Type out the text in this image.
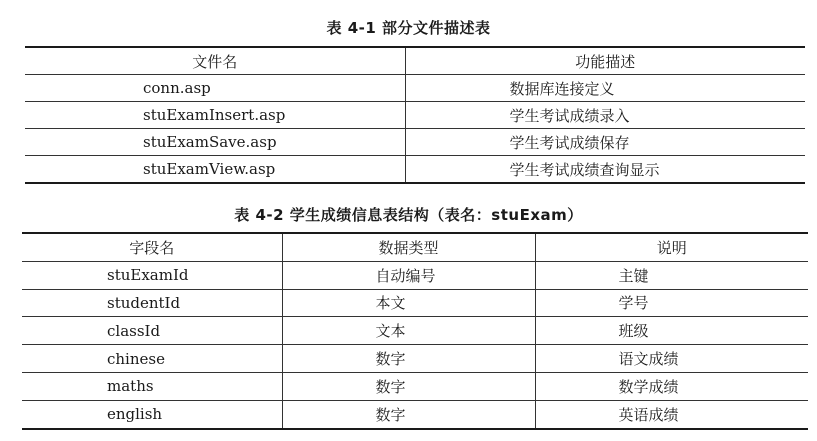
表 4-1 部分文件描述表
文件名	功能描述
conn.asp	数据库连接定义
stuExamInsert.asp	学生考试成绩录入
stuExamSave.asp	学生考试成绩保存
stuExamView.asp	学生考试成绩查询显示
表 4-2 学生成绩信息表结构（表名：stuExam）
字段名	数据类型	说明
stuExamId	自动编号	主键
studentId	本文	学号
classId	文本	班级
chinese	数字	语文成绩
maths	数字	数学成绩
english	数字	英语成绩
